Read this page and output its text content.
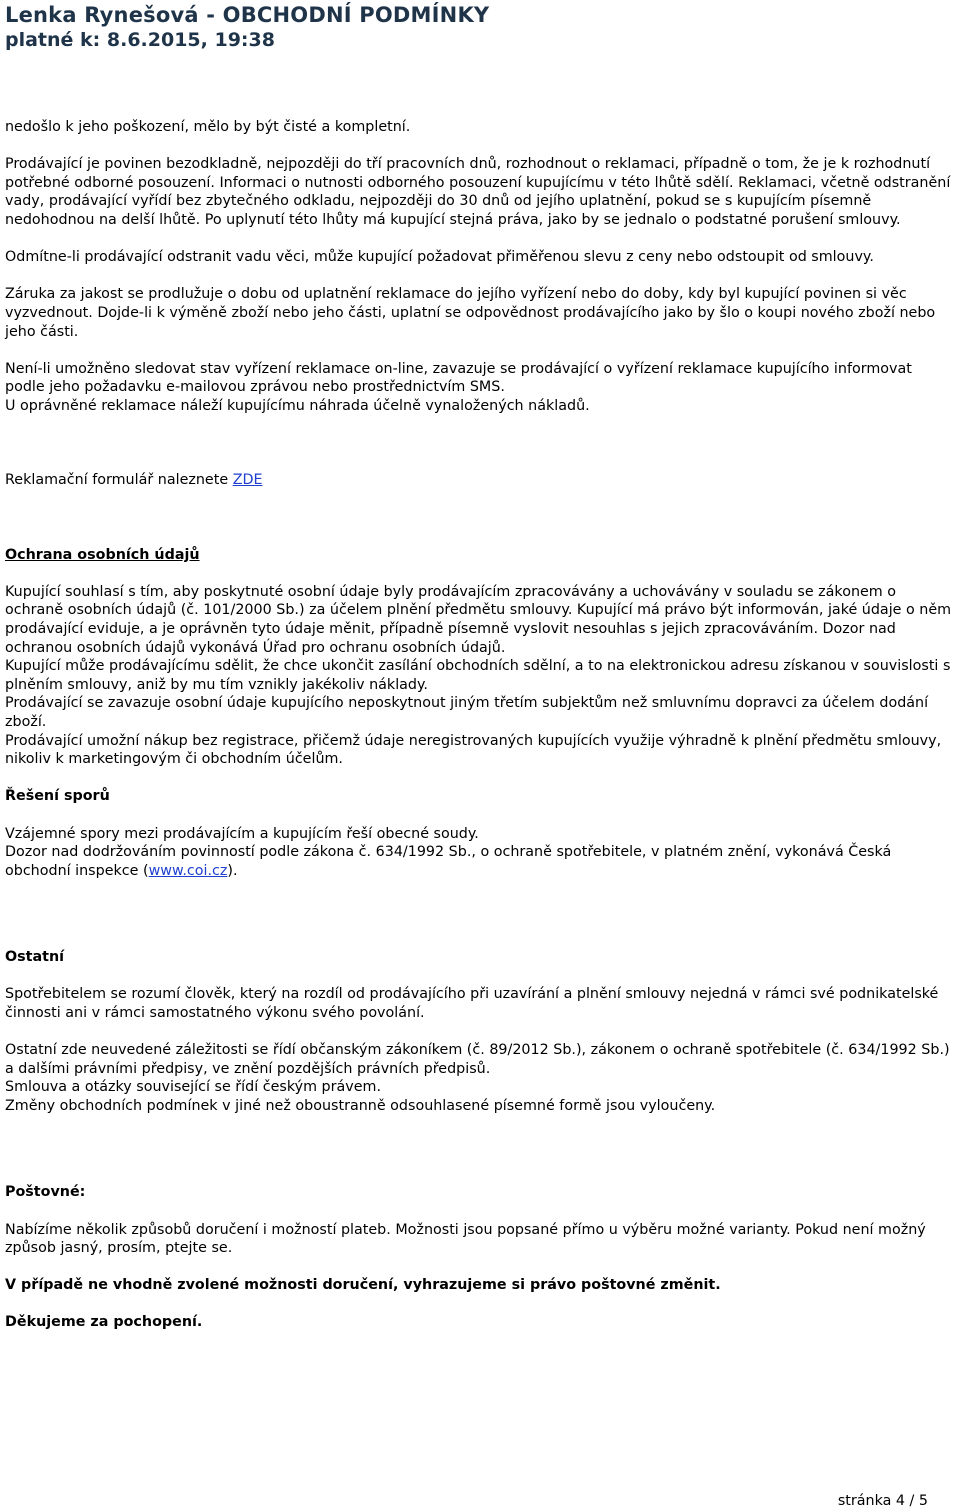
Lenka Rynešová - OBCHODNÍ PODMÍNKY
platné k: 8.6.2015, 19:38

nedošlo k jeho poškození, mělo by být čisté a kompletní.

Prodávající je povinen bezodkladně, nejpozději do tří pracovních dnů, rozhodnout o reklamaci, případně o tom, že je k rozhodnutí potřebné odborné posouzení. Informaci o nutnosti odborného posouzení kupujícímu v této lhůtě sdělí. Reklamaci, včetně odstranění vady, prodávající vyřídí bez zbytečného odkladu, nejpozději do 30 dnů od jejího uplatnění, pokud se s kupujícím písemně nedohodnou na delší lhůtě. Po uplynutí této lhůty má kupující stejná práva, jako by se jednalo o podstatné porušení smlouvy.

Odmítne-li prodávající odstranit vadu věci, může kupující požadovat přiměřenou slevu z ceny nebo odstoupit od smlouvy.

Záruka za jakost se prodlužuje o dobu od uplatnění reklamace do jejího vyřízení nebo do doby, kdy byl kupující povinen si věc vyzvednout. Dojde-li k výměně zboží nebo jeho části, uplatní se odpovědnost prodávajícího jako by šlo o koupi nového zboží nebo jeho části.

Není-li umožněno sledovat stav vyřízení reklamace on-line, zavazuje se prodávající o vyřízení reklamace kupujícího informovat podle jeho požadavku e-mailovou zprávou nebo prostřednictvím SMS.

U oprávněné reklamace náleží kupujícímu náhrada účelně vynaložených nákladů.

Reklamační formulář naleznete ZDE

Ochrana osobních údajů

Kupující souhlasí s tím, aby poskytnuté osobní údaje byly prodávajícím zpracovávány a uchovávány v souladu se zákonem o ochraně osobních údajů (č. 101/2000 Sb.) za účelem plnění předmětu smlouvy. Kupující má právo být informován, jaké údaje o něm prodávající eviduje, a je oprávněn tyto údaje měnit, případně písemně vyslovit nesouhlas s jejich zpracováváním. Dozor nad ochranou osobních údajů vykonává Úřad pro ochranu osobních údajů.

Kupující může prodávajícímu sdělit, že chce ukončit zasílání obchodních sdělní, a to na elektronickou adresu získanou v souvislosti s plněním smlouvy, aniž by mu tím vznikly jakékoliv náklady.

Prodávající se zavazuje osobní údaje kupujícího neposkytnout jiným třetím subjektům než smluvnímu dopravci za účelem dodání zboží.

Prodávající umožní nákup bez registrace, přičemž údaje neregistrovaných kupujících využije výhradně k plnění předmětu smlouvy, nikoliv k marketingovým či obchodním účelům.

Řešení sporů

Vzájemné spory mezi prodávajícím a kupujícím řeší obecné soudy.

Dozor nad dodržováním povinností podle zákona č. 634/1992 Sb., o ochraně spotřebitele, v platném znění, vykonává Česká obchodní inspekce (www.coi.cz).

Ostatní

Spotřebitelem se rozumí člověk, který na rozdíl od prodávajícího při uzavírání a plnění smlouvy nejedná v rámci své podnikatelské činnosti ani v rámci samostatného výkonu svého povolání.

Ostatní zde neuvedené záležitosti se řídí občanským zákoníkem (č. 89/2012 Sb.), zákonem o ochraně spotřebitele (č. 634/1992 Sb.) a dalšími právními předpisy, ve znění pozdějších právních předpisů.

Smlouva a otázky související se řídí českým právem.

Změny obchodních podmínek v jiné než oboustranně odsouhlasené písemné formě jsou vyloučeny.

Poštovné:

Nabízíme několik způsobů doručení i možností plateb. Možnosti jsou popsané přímo u výběru možné varianty. Pokud není možný způsob jasný, prosím, ptejte se.

V případě ne vhodně zvolené možnosti doručení, vyhrazujeme si právo poštovné změnit.

Děkujeme za pochopení.

stránka 4 / 5
